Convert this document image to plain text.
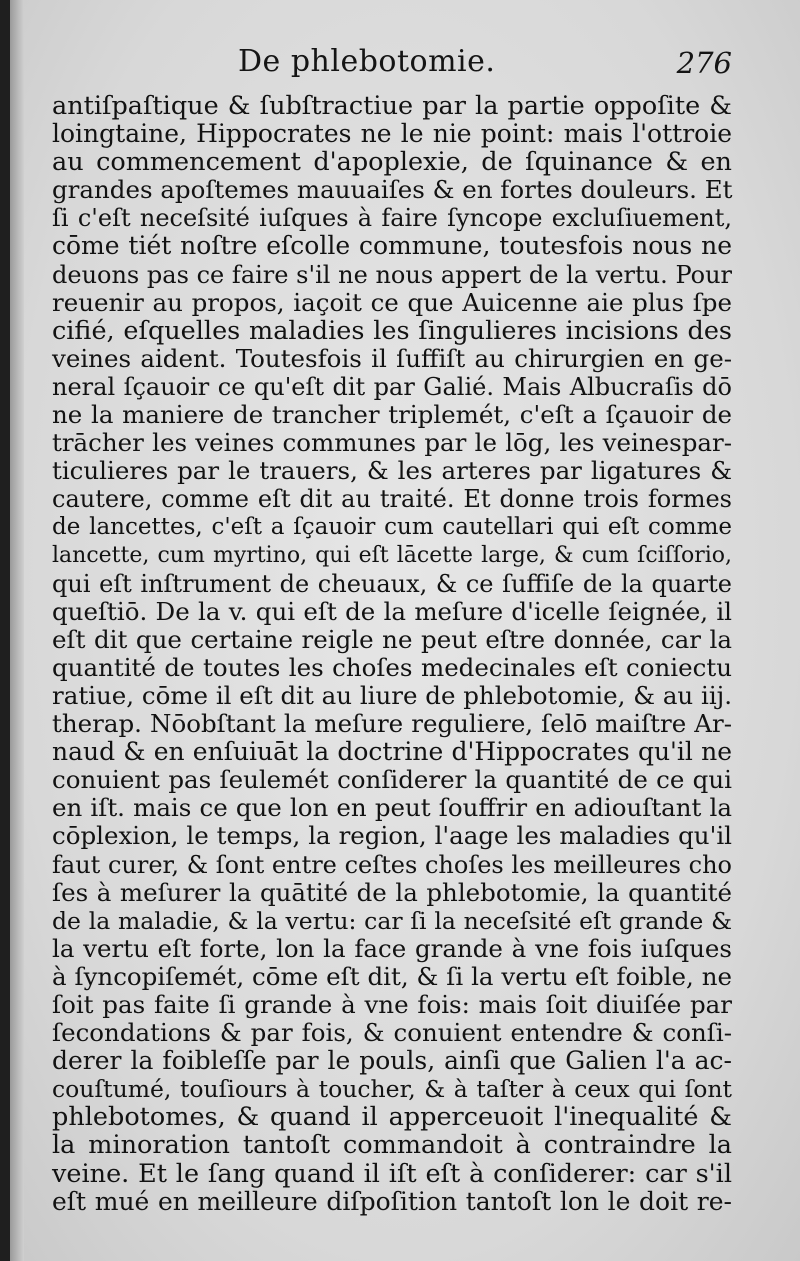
De phlebotomie.	276
antiſpaſtique & ſubſtractiue par la partie oppoſite &
loingtaine, Hippocrates ne le nie point: mais l'ottroie
au commencement d'apoplexie, de ſquinance & en
grandes apoſtemes mauuaiſes & en fortes douleurs. Et
ſi c'eſt neceſsité iuſques à faire ſyncope excluſiuement,
cōme tiét noſtre eſcolle commune, toutesfois nous ne
deuons pas ce faire s'il ne nous appert de la vertu. Pour
reuenir au propos, iaçoit ce que Auicenne aie plus ſpe
cifié, eſquelles maladies les ſingulieres incisions des
veines aident. Toutesfois il ſuffiſt au chirurgien en ge-
neral ſçauoir ce qu'eſt dit par Galié. Mais Albucraſis dō
ne la maniere de trancher triplemét, c'eſt a ſçauoir de
trācher les veines communes par le lōg, les veinespar-
ticulieres par le trauers, & les arteres par ligatures &
cautere, comme eſt dit au traité. Et donne trois formes
de lancettes, c'eſt a ſçauoir cum cautellari qui eſt comme
lancette, cum myrtino, qui eſt lācette large, & cum ſciſſorio,
qui eſt inſtrument de cheuaux, & ce ſuffiſe de la quarte
queſtiō. De la v. qui eſt de la meſure d'icelle ſeignée, il
eſt dit que certaine reigle ne peut eſtre donnée, car la
quantité de toutes les choſes medecinales eſt coniectu
ratiue, cōme il eſt dit au liure de phlebotomie, & au iij.
therap. Nōobſtant la meſure reguliere, ſelō maiſtre Ar-
naud & en enſuiuāt la doctrine d'Hippocrates qu'il ne
conuient pas ſeulemét conſiderer la quantité de ce qui
en iſt. mais ce que lon en peut ſouffrir en adiouſtant la
cōplexion, le temps, la region, l'aage les maladies qu'il
faut curer, & ſont entre ceſtes choſes les meilleures cho
ſes à meſurer la quātité de la phlebotomie, la quantité
de la maladie, & la vertu: car ſi la neceſsité eſt grande &
la vertu eſt forte, lon la face grande à vne fois iuſques
à ſyncopiſemét, cōme eſt dit, & ſi la vertu eſt foible, ne
ſoit pas faite ſi grande à vne fois: mais ſoit diuiſée par
ſecondations & par fois, & conuient entendre & conſi-
derer la foibleſſe par le pouls, ainſi que Galien l'a ac-
couſtumé, touſiours à toucher, & à taſter à ceux qui ſont
phlebotomes, & quand il apperceuoit l'inequalité &
la minoration tantoſt commandoit à contraindre la
veine. Et le ſang quand il iſt eſt à conſiderer: car s'il
eſt mué en meilleure diſpoſition tantoſt lon le doit re-
